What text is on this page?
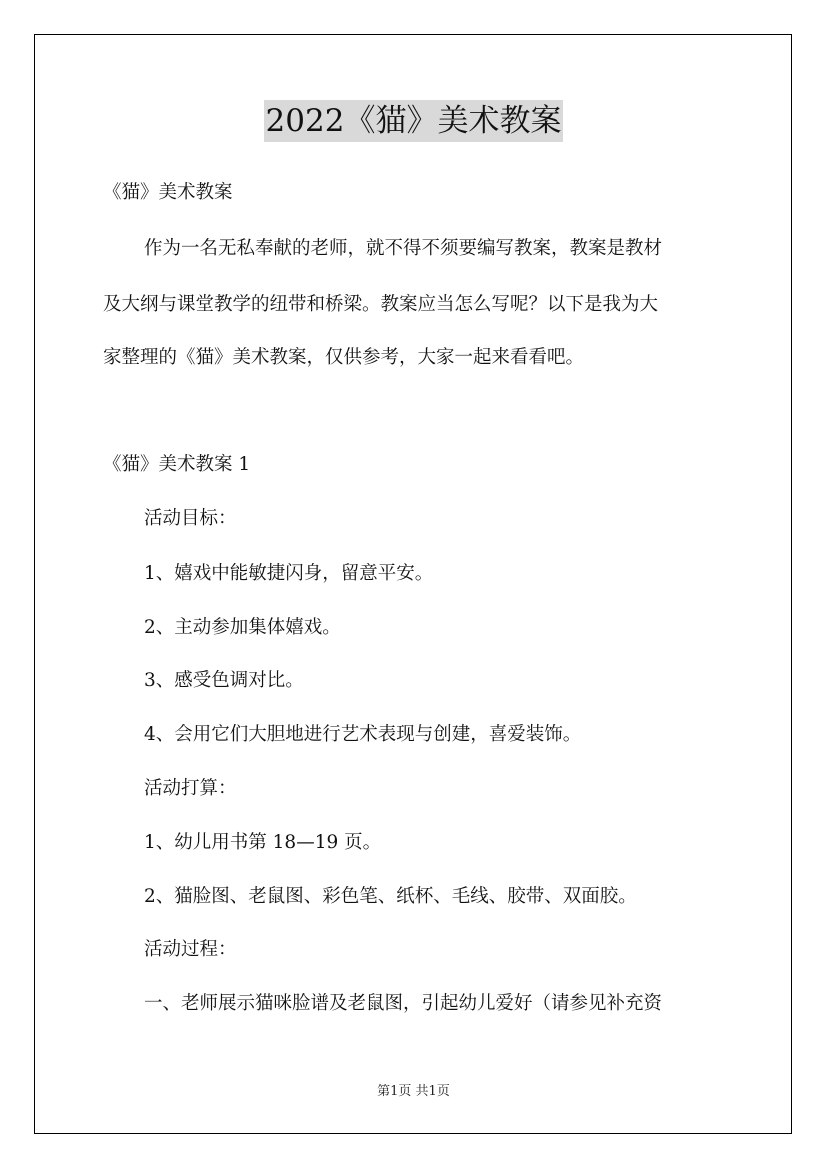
2022《猫》美术教案
《猫》美术教案
作为一名无私奉献的老师，就不得不须要编写教案，教案是教材
及大纲与课堂教学的纽带和桥梁。教案应当怎么写呢？以下是我为大
家整理的《猫》美术教案，仅供参考，大家一起来看看吧。
《猫》美术教案 1
活动目标：
1、嬉戏中能敏捷闪身，留意平安。
2、主动参加集体嬉戏。
3、感受色调对比。
4、会用它们大胆地进行艺术表现与创建，喜爱装饰。
活动打算：
1、幼儿用书第 18—19 页。
2、猫脸图、老鼠图、彩色笔、纸杯、毛线、胶带、双面胶。
活动过程：
一、老师展示猫咪脸谱及老鼠图，引起幼儿爱好（请参见补充资
第1页 共1页
